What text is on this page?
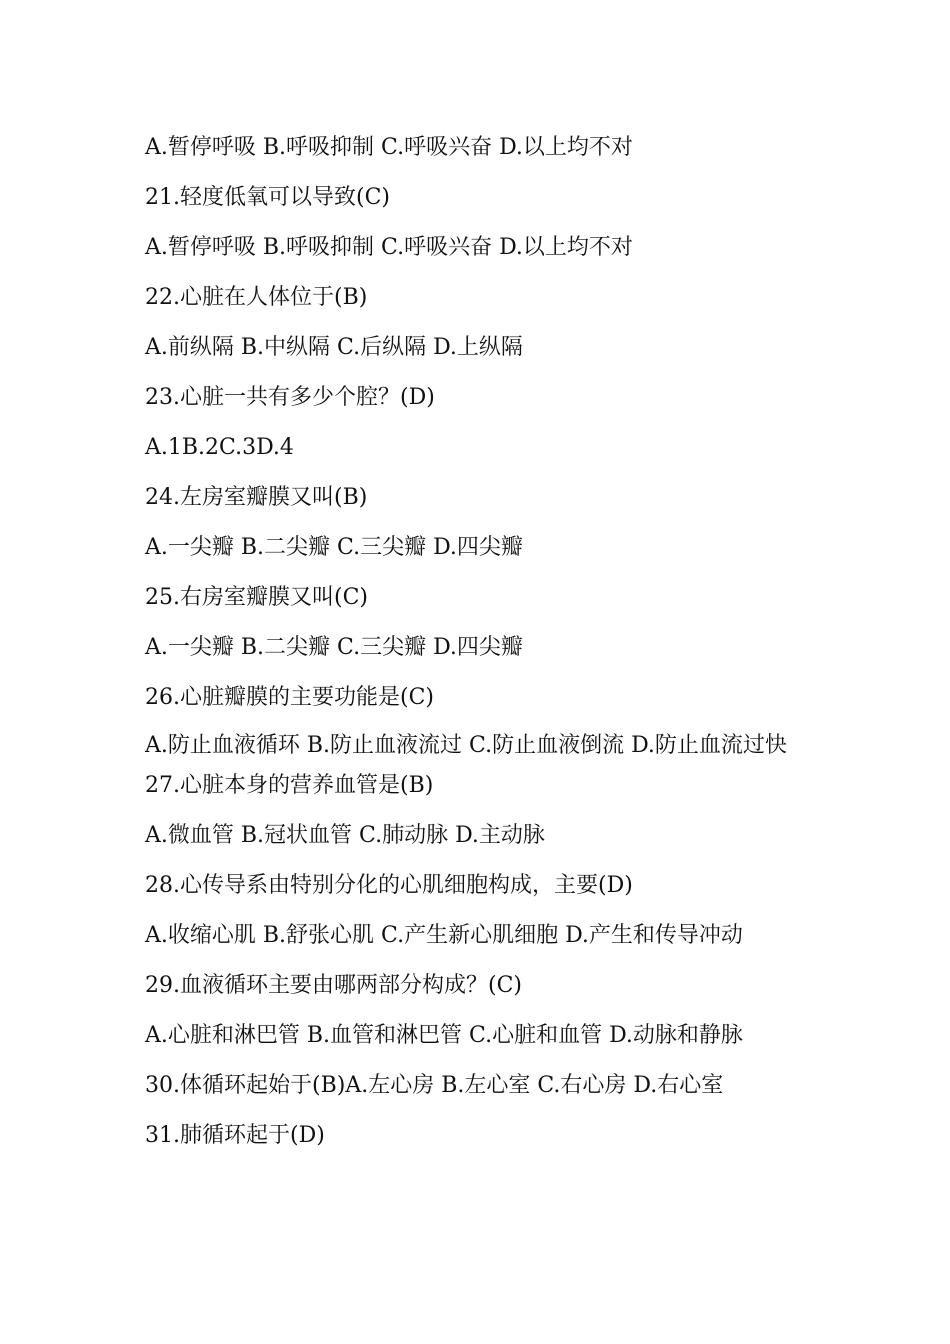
A.暂停呼吸 B.呼吸抑制 C.呼吸兴奋 D.以上均不对
21.轻度低氧可以导致(C)
A.暂停呼吸 B.呼吸抑制 C.呼吸兴奋 D.以上均不对
22.心脏在人体位于(B)
A.前纵隔 B.中纵隔 C.后纵隔 D.上纵隔
23.心脏一共有多少个腔？(D)
A.1B.2C.3D.4
24.左房室瓣膜又叫(B)
A.一尖瓣 B.二尖瓣 C.三尖瓣 D.四尖瓣
25.右房室瓣膜又叫(C)
A.一尖瓣 B.二尖瓣 C.三尖瓣 D.四尖瓣
26.心脏瓣膜的主要功能是(C)
A.防止血液循环 B.防止血液流过 C.防止血液倒流 D.防止血流过快
27.心脏本身的营养血管是(B)
A.微血管 B.冠状血管 C.肺动脉 D.主动脉
28.心传导系由特别分化的心肌细胞构成，主要(D)
A.收缩心肌 B.舒张心肌 C.产生新心肌细胞 D.产生和传导冲动
29.血液循环主要由哪两部分构成？(C)
A.心脏和淋巴管 B.血管和淋巴管 C.心脏和血管 D.动脉和静脉
30.体循环起始于(B)A.左心房 B.左心室 C.右心房 D.右心室
31.肺循环起于(D)
